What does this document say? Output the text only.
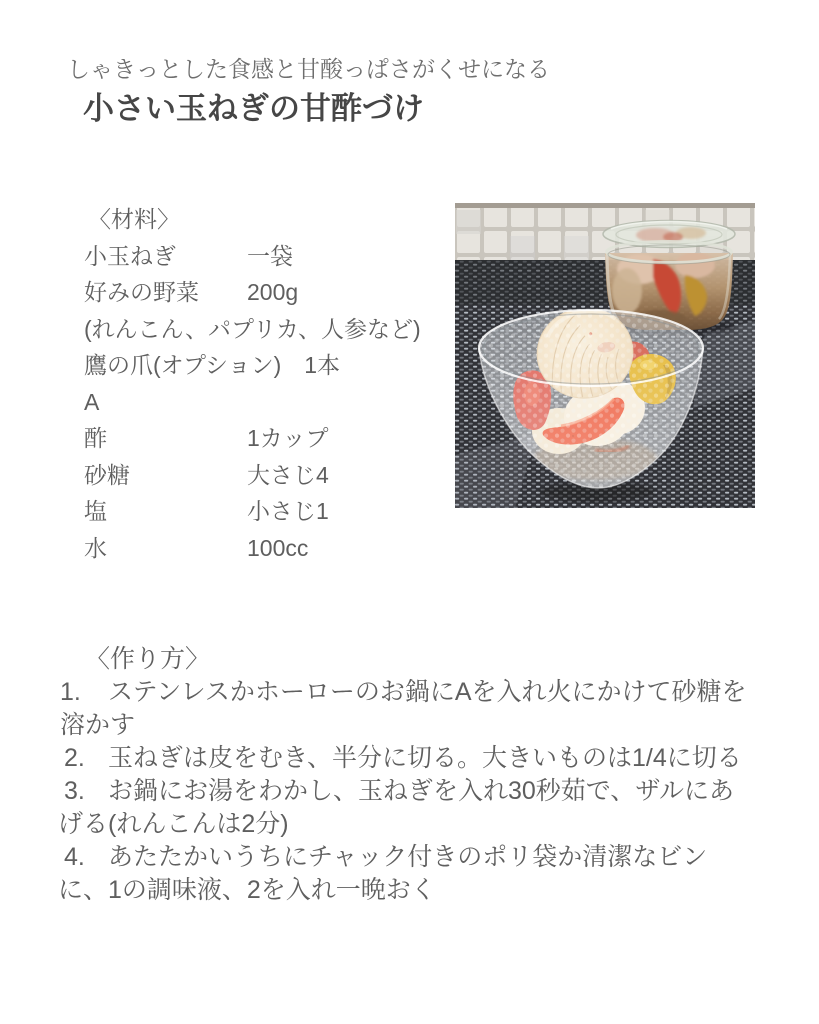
しゃきっとした食感と甘酸っぱさがくせになる
小さい玉ねぎの甘酢づけ
〈材料〉
小玉ねぎ	一袋
好みの野菜 200g
(れんこん、パプリカ、人参など)
鷹の爪(オプション)　1本
A
酢	1カップ
砂糖	大さじ4
塩	小さじ1
水	100cc
〈作り方〉
1. ステンレスかホーローのお鍋にAを入れ火にかけて砂糖を
溶かす
2. 玉ねぎは皮をむき、半分に切る。大きいものは1/4に切る
3. お鍋にお湯をわかし、玉ねぎを入れ30秒茹で、ザルにあ
げる(れんこんは2分)
4. あたたかいうちにチャック付きのポリ袋か清潔なビン
に、1の調味液、2を入れ一晩おく
